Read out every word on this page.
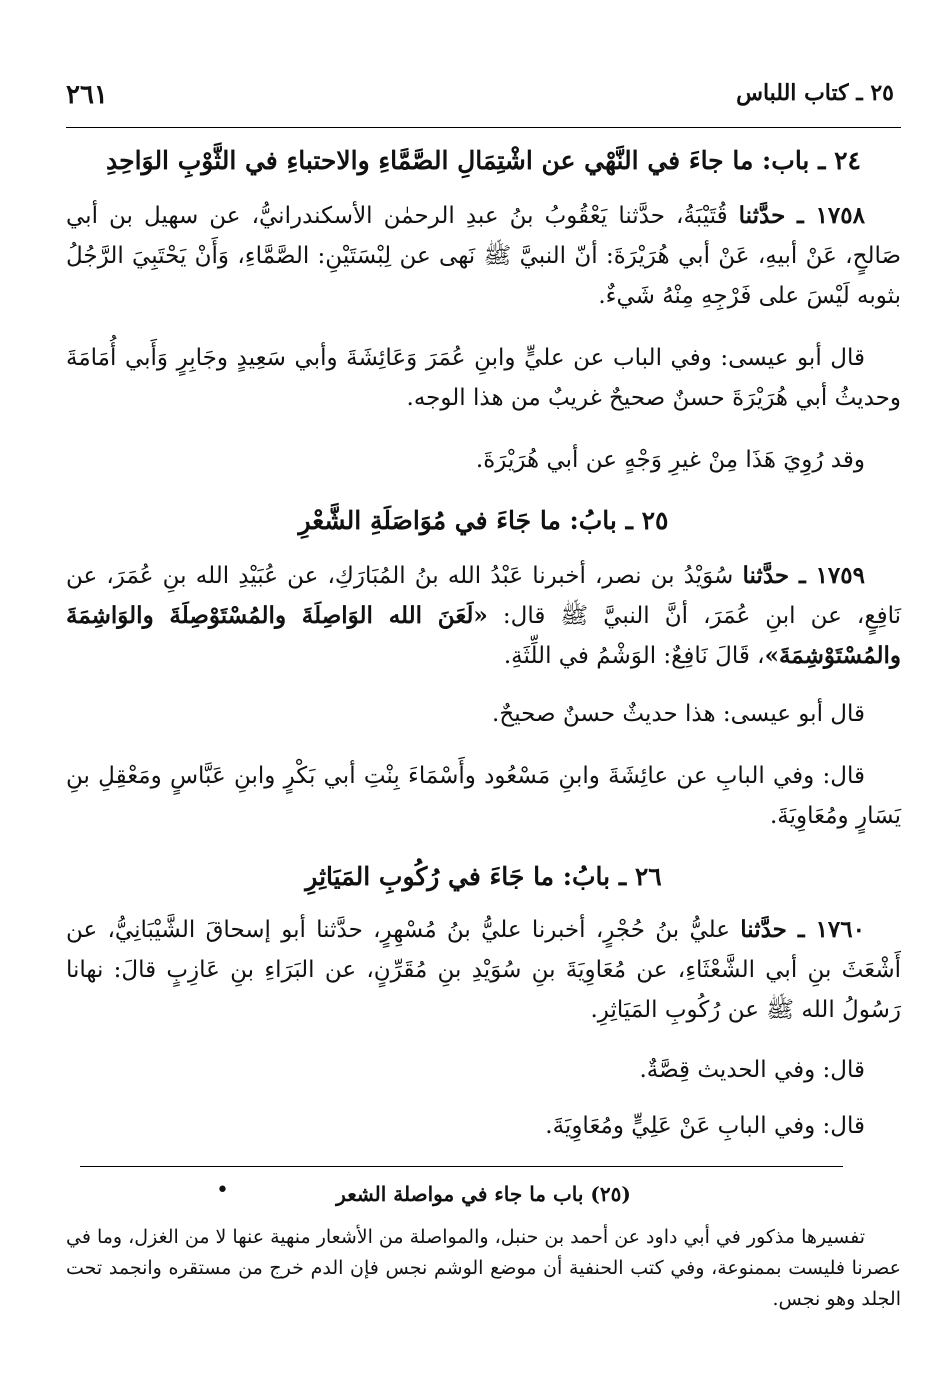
٢٦١	٢٥ ـ كتاب اللباس
٢٤ ـ باب: ما جاءَ في النَّهْي عن اشْتِمَالِ الصَّمَّاءِ والاحتباءِ في الثَّوْبِ الوَاحِدِ
١٧٥٨ ـ حدَّثنا قُتَيْبَةُ، حدَّثنا يَعْقُوبُ بنُ عبدِ الرحمٰن الأسكندرانيُّ، عن سهيل بن أبي صَالحٍ، عَنْ أبيهِ، عَنْ أبي هُرَيْرَةَ: أنّ النبيَّ ﷺ نَهى عن لِبْسَتَيْنِ: الصَّمَّاءِ، وَأَنْ يَحْتَبِيَ الرَّجُلُ بثوبه لَيْسَ على فَرْجِهِ مِنْهُ شَيءٌ.
قال أبو عيسى: وفي الباب عن عليٍّ وابنِ عُمَرَ وَعَائِشَةَ وأبي سَعِيدٍ وجَابِرٍ وَأَبي أُمَامَةَ وحديثُ أبي هُرَيْرَةَ حسنٌ صحيحٌ غريبٌ من هذا الوجه.
وقد رُوِيَ هَذَا مِنْ غيرِ وَجْهٍ عن أبي هُرَيْرَةَ.
٢٥ ـ بابُ: ما جَاءَ في مُوَاصَلَةِ الشَّعْرِ
١٧٥٩ ـ حدَّثنا سُوَيْدُ بن نصر، أخبرنا عَبْدُ الله بنُ المُبَارَكِ، عن عُبَيْدِ الله بنِ عُمَرَ، عن نَافِعٍ، عن ابنِ عُمَرَ، أنَّ النبيَّ ﷺ قال: «لَعَنَ الله الوَاصِلَةَ والمُسْتَوْصِلَةَ والوَاشِمَةَ والمُسْتَوْشِمَةَ»، قَالَ نَافِعٌ: الوَشْمُ في اللِّثَةِ.
قال أبو عيسى: هذا حديثٌ حسنٌ صحيحٌ.
قال: وفي البابِ عن عائِشَةَ وابنِ مَسْعُود وأَسْمَاءَ بِنْتِ أبي بَكْرٍ وابنِ عَبَّاسٍ ومَعْقِلِ بنِ يَسَارٍ ومُعَاوِيَةَ.
٢٦ ـ بابُ: ما جَاءَ في رُكُوبِ المَيَاثِرِ
١٧٦٠ ـ حدَّثنا عليُّ بنُ حُجْرٍ، أخبرنا عليُّ بنُ مُسْهِرٍ، حدَّثنا أبو إسحاقَ الشَّيْبَانِيُّ، عن أَشْعَثَ بنِ أبي الشَّعْثَاءِ، عن مُعَاوِيَةَ بنِ سُوَيْدِ بنِ مُقَرِّنٍ، عن البَرَاءِ بنِ عَازِبٍ قالَ: نهانا رَسُولُ الله ﷺ عن رُكُوبِ المَيَاثِرِ.
قال: وفي الحديث قِصَّةٌ.
قال: وفي البابِ عَنْ عَلِيٍّ ومُعَاوِيَةَ.
•	(٢٥) باب ما جاء في مواصلة الشعر
تفسيرها مذكور في أبي داود عن أحمد بن حنبل، والمواصلة من الأشعار منهية عنها لا من الغزل، وما في عصرنا فليست بممنوعة، وفي كتب الحنفية أن موضع الوشم نجس فإن الدم خرج من مستقره وانجمد تحت الجلد وهو نجس.
